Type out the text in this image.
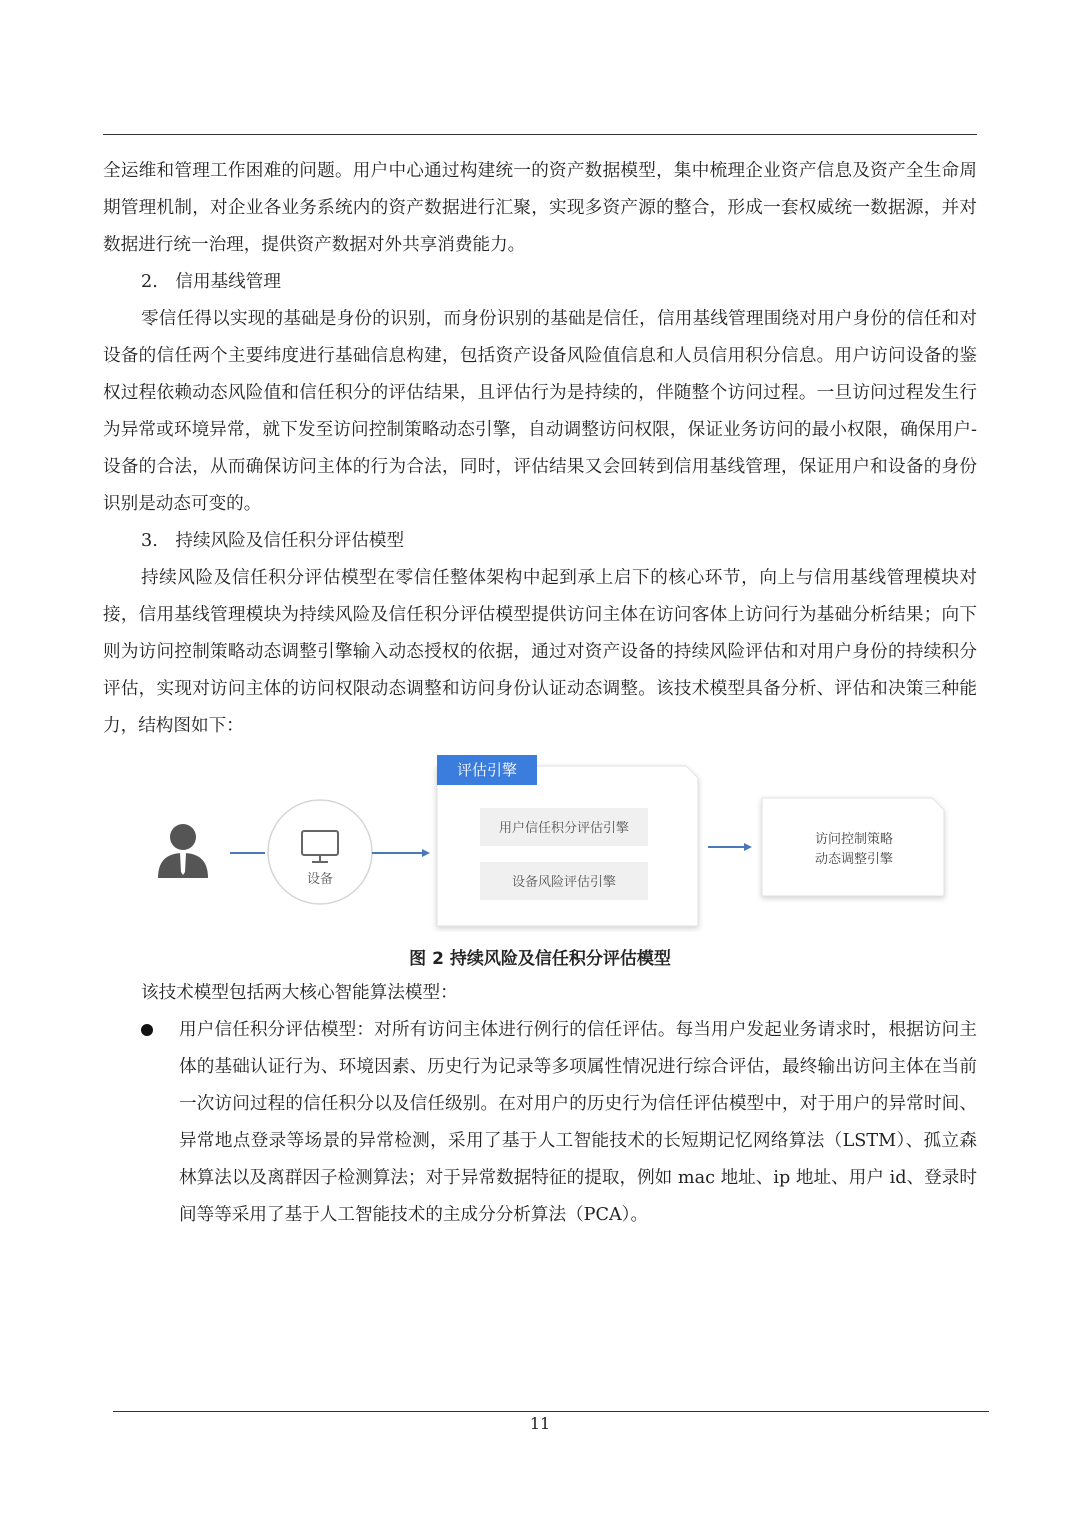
全运维和管理工作困难的问题。用户中心通过构建统一的资产数据模型，集中梳理企业资产信息及资产全生命周期管理机制，对企业各业务系统内的资产数据进行汇聚，实现多资产源的整合，形成一套权威统一数据源，并对数据进行统一治理，提供资产数据对外共享消费能力。

2.　信用基线管理

零信任得以实现的基础是身份的识别，而身份识别的基础是信任，信用基线管理围绕对用户身份的信任和对设备的信任两个主要纬度进行基础信息构建，包括资产设备风险值信息和人员信用积分信息。用户访问设备的鉴权过程依赖动态风险值和信任积分的评估结果，且评估行为是持续的，伴随整个访问过程。一旦访问过程发生行为异常或环境异常，就下发至访问控制策略动态引擎，自动调整访问权限，保证业务访问的最小权限，确保用户-设备的合法，从而确保访问主体的行为合法，同时，评估结果又会回转到信用基线管理，保证用户和设备的身份识别是动态可变的。

3.　持续风险及信任积分评估模型

持续风险及信任积分评估模型在零信任整体架构中起到承上启下的核心环节，向上与信用基线管理模块对接，信用基线管理模块为持续风险及信任积分评估模型提供访问主体在访问客体上访问行为基础分析结果；向下则为访问控制策略动态调整引擎输入动态授权的依据，通过对资产设备的持续风险评估和对用户身份的持续积分评估，实现对访问主体的访问权限动态调整和访问身份认证动态调整。该技术模型具备分析、评估和决策三种能力，结构图如下：

设备
评估引擎
用户信任积分评估引擎
设备风险评估引擎
访问控制策略
动态调整引擎
图 2 持续风险及信任积分评估模型

该技术模型包括两大核心智能算法模型：

用户信任积分评估模型：对所有访问主体进行例行的信任评估。每当用户发起业务请求时，根据访问主体的基础认证行为、环境因素、历史行为记录等多项属性情况进行综合评估，最终输出访问主体在当前一次访问过程的信任积分以及信任级别。在对用户的历史行为信任评估模型中，对于用户的异常时间、异常地点登录等场景的异常检测，采用了基于人工智能技术的长短期记忆网络算法（LSTM）、孤立森林算法以及离群因子检测算法；对于异常数据特征的提取，例如 mac 地址、ip 地址、用户 id、登录时间等等采用了基于人工智能技术的主成分分析算法（PCA）。
11
